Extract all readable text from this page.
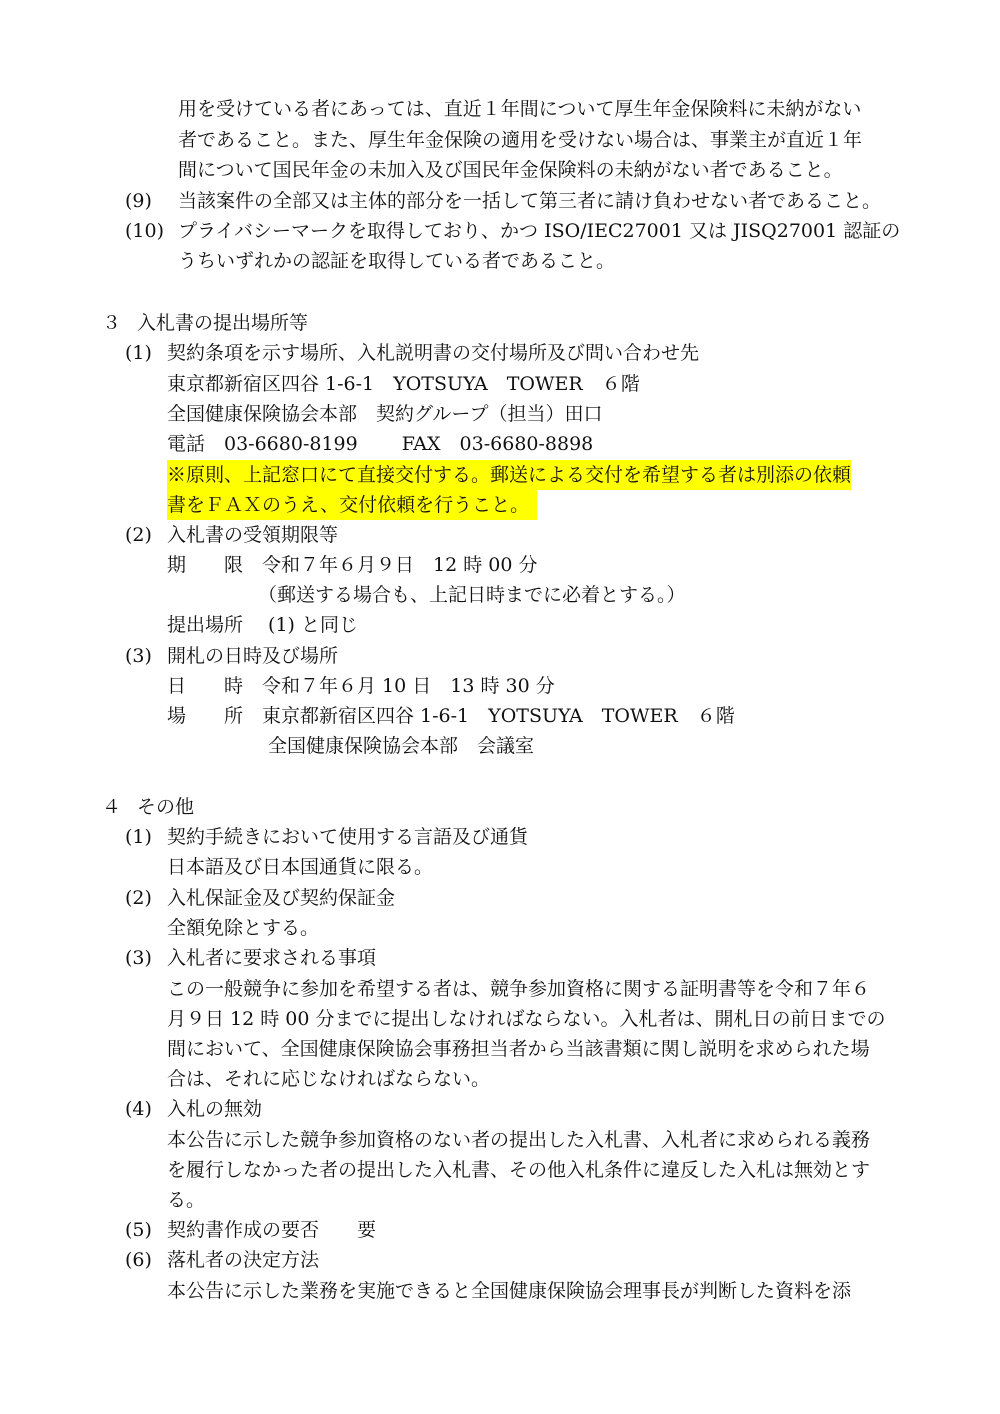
用を受けている者にあっては、直近１年間について厚生年金保険料に未納がない
者であること。また、厚生年金保険の適用を受けない場合は、事業主が直近１年
間について国民年金の未加入及び国民年金保険料の未納がない者であること。
(9) 当該案件の全部又は主体的部分を一括して第三者に請け負わせない者であること。
(10) プライバシーマークを取得しており、かつ ISO/IEC27001 又は JISQ27001 認証の
うちいずれかの認証を取得している者であること。
３ 入札書の提出場所等
(1) 契約条項を示す場所、入札説明書の交付場所及び問い合わせ先
東京都新宿区四谷 1-6-1　YOTSUYA　TOWER　６階
全国健康保険協会本部　契約グループ（担当）田口
電話　03-6680-8199　　 FAX　03-6680-8898
※原則、上記窓口にて直接交付する。郵送による交付を希望する者は別添の依頼
書をＦＡＸのうえ、交付依頼を行うこと。
(2) 入札書の受領期限等
期　　限　令和７年６月９日　12 時 00 分
（郵送する場合も、上記日時までに必着とする。）
提出場所　 (1) と同じ
(3) 開札の日時及び場所
日　　時　令和７年６月 10 日　13 時 30 分
場　　所　東京都新宿区四谷 1-6-1　YOTSUYA　TOWER　６階
全国健康保険協会本部　会議室
４ その他
(1) 契約手続きにおいて使用する言語及び通貨
日本語及び日本国通貨に限る。
(2) 入札保証金及び契約保証金
全額免除とする。
(3) 入札者に要求される事項
この一般競争に参加を希望する者は、競争参加資格に関する証明書等を令和７年６
月９日 12 時 00 分までに提出しなければならない。入札者は、開札日の前日までの
間において、全国健康保険協会事務担当者から当該書類に関し説明を求められた場
合は、それに応じなければならない。
(4) 入札の無効
本公告に示した競争参加資格のない者の提出した入札書、入札者に求められる義務
を履行しなかった者の提出した入札書、その他入札条件に違反した入札は無効とす
る。
(5) 契約書作成の要否　　要
(6) 落札者の決定方法
本公告に示した業務を実施できると全国健康保険協会理事長が判断した資料を添
